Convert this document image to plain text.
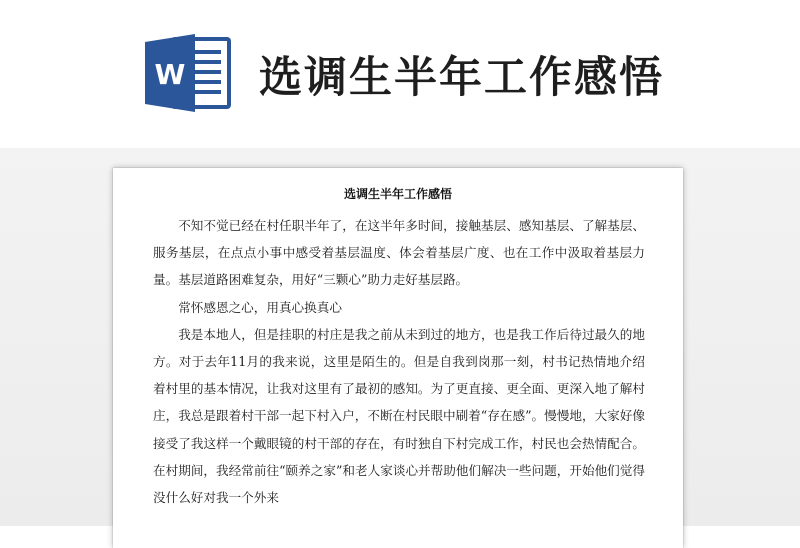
W 选调生半年工作感悟
选调生半年工作感悟

不知不觉已经在村任职半年了，在这半年多时间，接触基层、感知基层、了解基层、服务基层，在点点小事中感受着基层温度、体会着基层广度、也在工作中汲取着基层力量。基层道路困难复杂，用好“三颗心”助力走好基层路。

常怀感恩之心，用真心换真心

我是本地人，但是挂职的村庄是我之前从未到过的地方，也是我工作后待过最久的地方。对于去年11月的我来说，这里是陌生的。但是自我到岗那一刻，村书记热情地介绍着村里的基本情况，让我对这里有了最初的感知。为了更直接、更全面、更深入地了解村庄，我总是跟着村干部一起下村入户，不断在村民眼中刷着“存在感”。慢慢地，大家好像接受了我这样一个戴眼镜的村干部的存在，有时独自下村完成工作，村民也会热情配合。在村期间，我经常前往“颐养之家”和老人家谈心并帮助他们解决一些问题，开始他们觉得没什么好对我一个外来
